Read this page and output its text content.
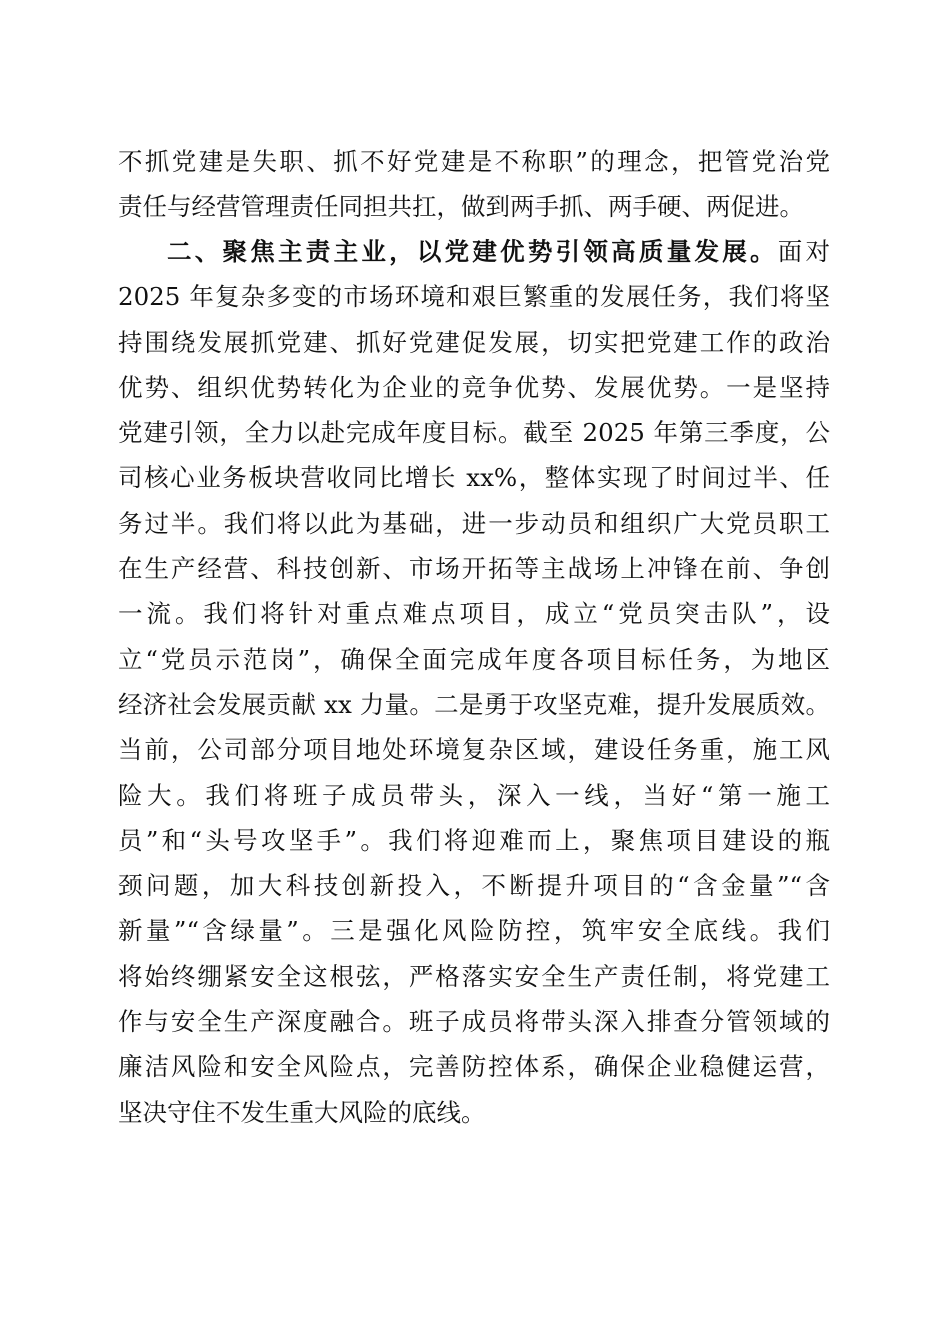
不抓党建是失职、抓不好党建是不称职”的理念，把管党治党
责任与经营管理责任同担共扛，做到两手抓、两手硬、两促进。
二、聚焦主责主业，以党建优势引领高质量发展。面对
2025 年复杂多变的市场环境和艰巨繁重的发展任务，我们将坚
持围绕发展抓党建、抓好党建促发展，切实把党建工作的政治
优势、组织优势转化为企业的竞争优势、发展优势。一是坚持
党建引领，全力以赴完成年度目标。截至 2025 年第三季度，公
司核心业务板块营收同比增长 xx%，整体实现了时间过半、任
务过半。我们将以此为基础，进一步动员和组织广大党员职工
在生产经营、科技创新、市场开拓等主战场上冲锋在前、争创
一流。我们将针对重点难点项目，成立“党员突击队”，设
立“党员示范岗”，确保全面完成年度各项目标任务，为地区
经济社会发展贡献 xx 力量。二是勇于攻坚克难，提升发展质效。
当前，公司部分项目地处环境复杂区域，建设任务重，施工风
险大。我们将班子成员带头，深入一线，当好“第一施工
员”和“头号攻坚手”。我们将迎难而上，聚焦项目建设的瓶
颈问题，加大科技创新投入，不断提升项目的“含金量”“含
新量”“含绿量”。三是强化风险防控，筑牢安全底线。我们
将始终绷紧安全这根弦，严格落实安全生产责任制，将党建工
作与安全生产深度融合。班子成员将带头深入排查分管领域的
廉洁风险和安全风险点，完善防控体系，确保企业稳健运营，
坚决守住不发生重大风险的底线。
